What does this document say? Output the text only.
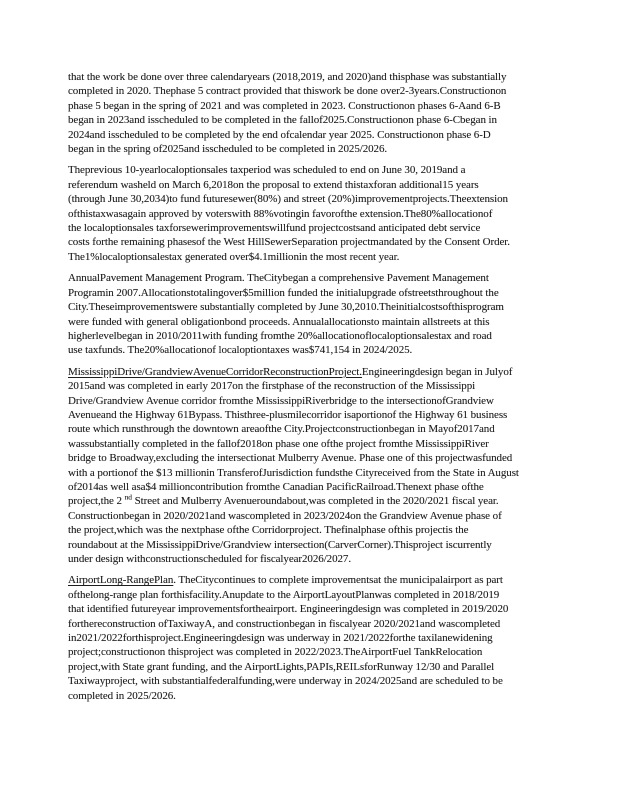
that the work be done over three calendaryears (2018,2019, and 2020)and thisphase was substantially
completed in 2020. Thephase 5 contract provided that thiswork be done over2-3years.Constructionon
phase 5 began in the spring of 2021 and was completed in 2023. Constructionon phases 6-Aand 6-B
began in 2023and isscheduled to be completed in the fallof2025.Constructionon phase 6-Cbegan in
2024and isscheduled to be completed by the end ofcalendar year 2025. Constructionon phase 6-D
began in the spring of2025and isscheduled to be completed in 2025/2026.
Theprevious 10-yearlocaloptionsales taxperiod was scheduled to end on June 30, 2019and a
referendum washeld on March 6,2018on the proposal to extend thistaxforan additional15 years
(through June 30,2034)to fund futuresewer(80%) and street (20%)improvementprojects.Theextension
ofthistaxwasagain approved by voterswith 88%votingin favorofthe extension.The80%allocationof
the localoptionsales taxforsewerimprovementswillfund projectcostsand anticipated debt service
costs forthe remaining phasesof the West HillSewerSeparation projectmandated by the Consent Order.
The1%localoptionsalestax generated over$4.1millionin the most recent year.
AnnualPavement Management Program. TheCitybegan a comprehensive Pavement Management
Programin 2007.Allocationstotalingover$5million funded the initialupgrade ofstreetsthroughout the
City.Theseimprovementswere substantially completed by June 30,2010.Theinitialcostsofthisprogram
were funded with general obligationbond proceeds. Annualallocationsto maintain allstreets at this
higherlevelbegan in 2010/2011with funding fromthe 20%allocationoflocaloptionsalestax and road
use taxfunds. The20%allocationof localoptiontaxes was$741,154 in 2024/2025.
MississippiDrive/GrandviewAvenueCorridorReconstructionProject.Engineeringdesign began in Julyof
2015and was completed in early 2017on the firstphase of the reconstruction of the Mississippi
Drive/Grandview Avenue corridor fromthe MississippiRiverbridge to the intersectionofGrandview
Avenueand the Highway 61Bypass. Thisthree-plusmilecorridor isaportionof the Highway 61 business
route which runsthrough the downtown areaofthe City.Projectconstructionbegan in Mayof2017and
wassubstantially completed in the fallof2018on phase one ofthe project fromthe MississippiRiver
bridge to Broadway,excluding the intersectionat Mulberry Avenue. Phase one of this projectwasfunded
with a portionof the $13 millionin TransferofJurisdiction fundsthe Cityreceived from the State in August
of2014as well asa$4 millioncontribution fromthe Canadian PacificRailroad.Thenext phase ofthe
project,the 2 $^{nd}$ Street and Mulberry Avenueroundabout,was completed in the 2020/2021 fiscal year.
Constructionbegan in 2020/2021and wascompleted in 2023/2024on the Grandview Avenue phase of
the project,which was the nextphase ofthe Corridorproject. Thefinalphase ofthis projectis the
roundabout at the MississippiDrive/Grandview intersection(CarverCorner).Thisproject iscurrently
under design withconstructionscheduled for fiscalyear2026/2027.
AirportLong-RangePlan. TheCitycontinues to complete improvementsat the municipalairport as part
ofthelong-range plan forthisfacility.Anupdate to the AirportLayoutPlanwas completed in 2018/2019
that identified futureyear improvementsfortheairport. Engineeringdesign was completed in 2019/2020
forthereconstruction ofTaxiwayA, and constructionbegan in fiscalyear 2020/2021and wascompleted
in2021/2022forthisproject.Engineeringdesign was underway in 2021/2022forthe taxilanewidening
project;constructionon thisproject was completed in 2022/2023.TheAirportFuel TankRelocation
project,with State grant funding, and the AirportLights,PAPIs,REILsforRunway 12/30 and Parallel
Taxiwayproject, with substantialfederalfunding,were underway in 2024/2025and are scheduled to be
completed in 2025/2026.
